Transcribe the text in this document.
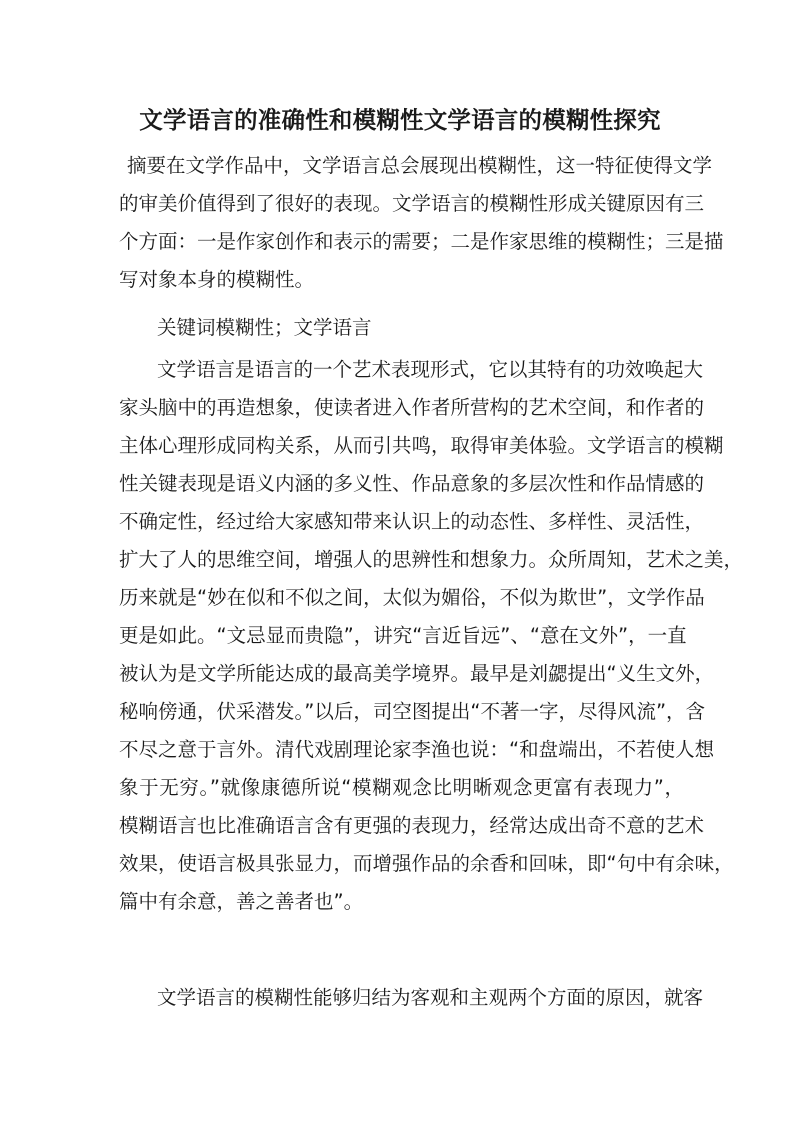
文学语言的准确性和模糊性文学语言的模糊性探究
摘要在文学作品中，文学语言总会展现出模糊性，这一特征使得文学
的审美价值得到了很好的表现。文学语言的模糊性形成关键原因有三
个方面：一是作家创作和表示的需要；二是作家思维的模糊性；三是描
写对象本身的模糊性。
关键词模糊性；文学语言
文学语言是语言的一个艺术表现形式，它以其特有的功效唤起大
家头脑中的再造想象，使读者进入作者所营构的艺术空间，和作者的
主体心理形成同构关系，从而引共鸣，取得审美体验。文学语言的模糊
性关键表现是语义内涵的多义性、作品意象的多层次性和作品情感的
不确定性，经过给大家感知带来认识上的动态性、多样性、灵活性，
扩大了人的思维空间，增强人的思辨性和想象力。众所周知，艺术之美，
历来就是“妙在似和不似之间，太似为媚俗，不似为欺世”，文学作品
更是如此。“文忌显而贵隐”，讲究“言近旨远”、“意在文外”，一直
被认为是文学所能达成的最高美学境界。最早是刘勰提出“义生文外，
秘响傍通，伏采潜发。”以后，司空图提出“不著一字，尽得风流”，含
不尽之意于言外。清代戏剧理论家李渔也说：“和盘端出，不若使人想
象于无穷。”就像康德所说“模糊观念比明晰观念更富有表现力”，
模糊语言也比准确语言含有更强的表现力，经常达成出奇不意的艺术
效果，使语言极具张显力，而增强作品的余香和回味，即“句中有余味，
篇中有余意，善之善者也”。
文学语言的模糊性能够归结为客观和主观两个方面的原因，就客
